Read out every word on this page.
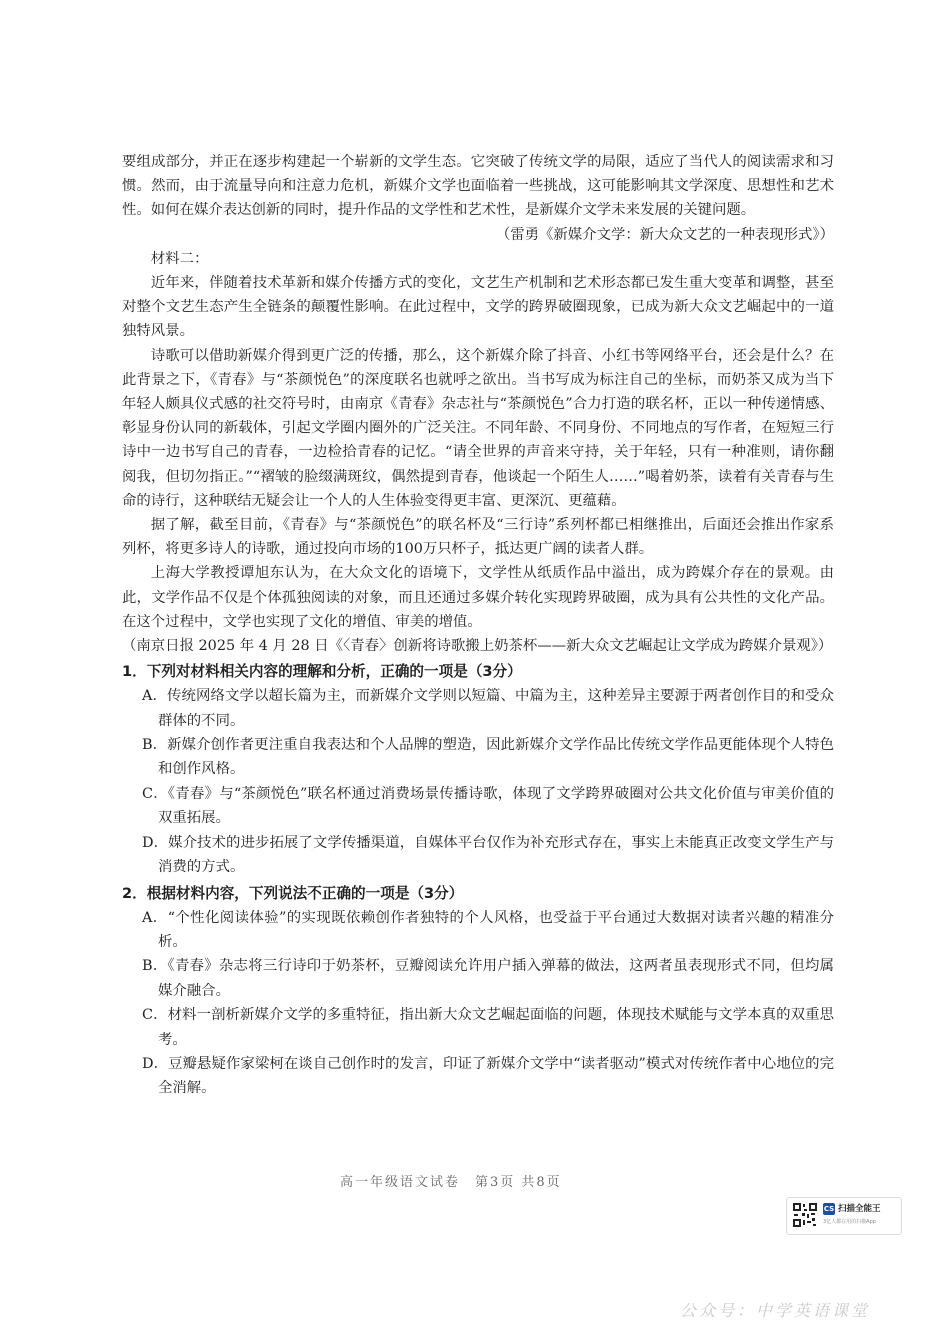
要组成部分，并正在逐步构建起一个崭新的文学生态。它突破了传统文学的局限，适应了当代人的阅读需求和习惯。然而，由于流量导向和注意力危机，新媒介文学也面临着一些挑战，这可能影响其文学深度、思想性和艺术性。如何在媒介表达创新的同时，提升作品的文学性和艺术性，是新媒介文学未来发展的关键问题。

（雷勇《新媒介文学：新大众文艺的一种表现形式》）

材料二：

近年来，伴随着技术革新和媒介传播方式的变化，文艺生产机制和艺术形态都已发生重大变革和调整，甚至对整个文艺生态产生全链条的颠覆性影响。在此过程中，文学的跨界破圈现象，已成为新大众文艺崛起中的一道独特风景。

诗歌可以借助新媒介得到更广泛的传播，那么，这个新媒介除了抖音、小红书等网络平台，还会是什么？在此背景之下，《青春》与“茶颜悦色”的深度联名也就呼之欲出。当书写成为标注自己的坐标，而奶茶又成为当下年轻人颇具仪式感的社交符号时，由南京《青春》杂志社与“茶颜悦色”合力打造的联名杯，正以一种传递情感、彰显身份认同的新载体，引起文学圈内圈外的广泛关注。不同年龄、不同身份、不同地点的写作者，在短短三行诗中一边书写自己的青春，一边检拾青春的记忆。“请全世界的声音来守持，关于年轻，只有一种准则，请你翻阅我，但切勿指正。”“褶皱的脸缀满斑纹，偶然提到青春，他谈起一个陌生人……”喝着奶茶，读着有关青春与生命的诗行，这种联结无疑会让一个人的人生体验变得更丰富、更深沉、更蕴藉。

据了解，截至目前，《青春》与“茶颜悦色”的联名杯及“三行诗”系列杯都已相继推出，后面还会推出作家系列杯，将更多诗人的诗歌，通过投向市场的100万只杯子，抵达更广阔的读者人群。

上海大学教授谭旭东认为，在大众文化的语境下，文学性从纸质作品中溢出，成为跨媒介存在的景观。由此，文学作品不仅是个体孤独阅读的对象，而且还通过多媒介转化实现跨界破圈，成为具有公共性的文化产品。在这个过程中，文学也实现了文化的增值、审美的增值。

（南京日报 2025 年 4 月 28 日《〈青春〉创新将诗歌搬上奶茶杯——新大众文艺崛起让文学成为跨媒介景观》）

1．下列对材料相关内容的理解和分析，正确的一项是（3分）

A．传统网络文学以超长篇为主，而新媒介文学则以短篇、中篇为主，这种差异主要源于两者创作目的和受众群体的不同。

B．新媒介创作者更注重自我表达和个人品牌的塑造，因此新媒介文学作品比传统文学作品更能体现个人特色和创作风格。

C．《青春》与“茶颜悦色”联名杯通过消费场景传播诗歌，体现了文学跨界破圈对公共文化价值与审美价值的双重拓展。

D．媒介技术的进步拓展了文学传播渠道，自媒体平台仅作为补充形式存在，事实上未能真正改变文学生产与消费的方式。

2．根据材料内容，下列说法不正确的一项是（3分）

A．“个性化阅读体验”的实现既依赖创作者独特的个人风格，也受益于平台通过大数据对读者兴趣的精准分析。

B．《青春》杂志将三行诗印于奶茶杯，豆瓣阅读允许用户插入弹幕的做法，这两者虽表现形式不同，但均属媒介融合。

C．材料一剖析新媒介文学的多重特征，指出新大众文艺崛起面临的问题，体现技术赋能与文学本真的双重思考。

D．豆瓣悬疑作家梁柯在谈自己创作时的发言，印证了新媒介文学中“读者驱动”模式对传统作者中心地位的完全消解。

高一年级语文试卷　第3页 共8页
CS 扫描全能王
3亿人都在用的扫描App
公众号：中学英语课堂
